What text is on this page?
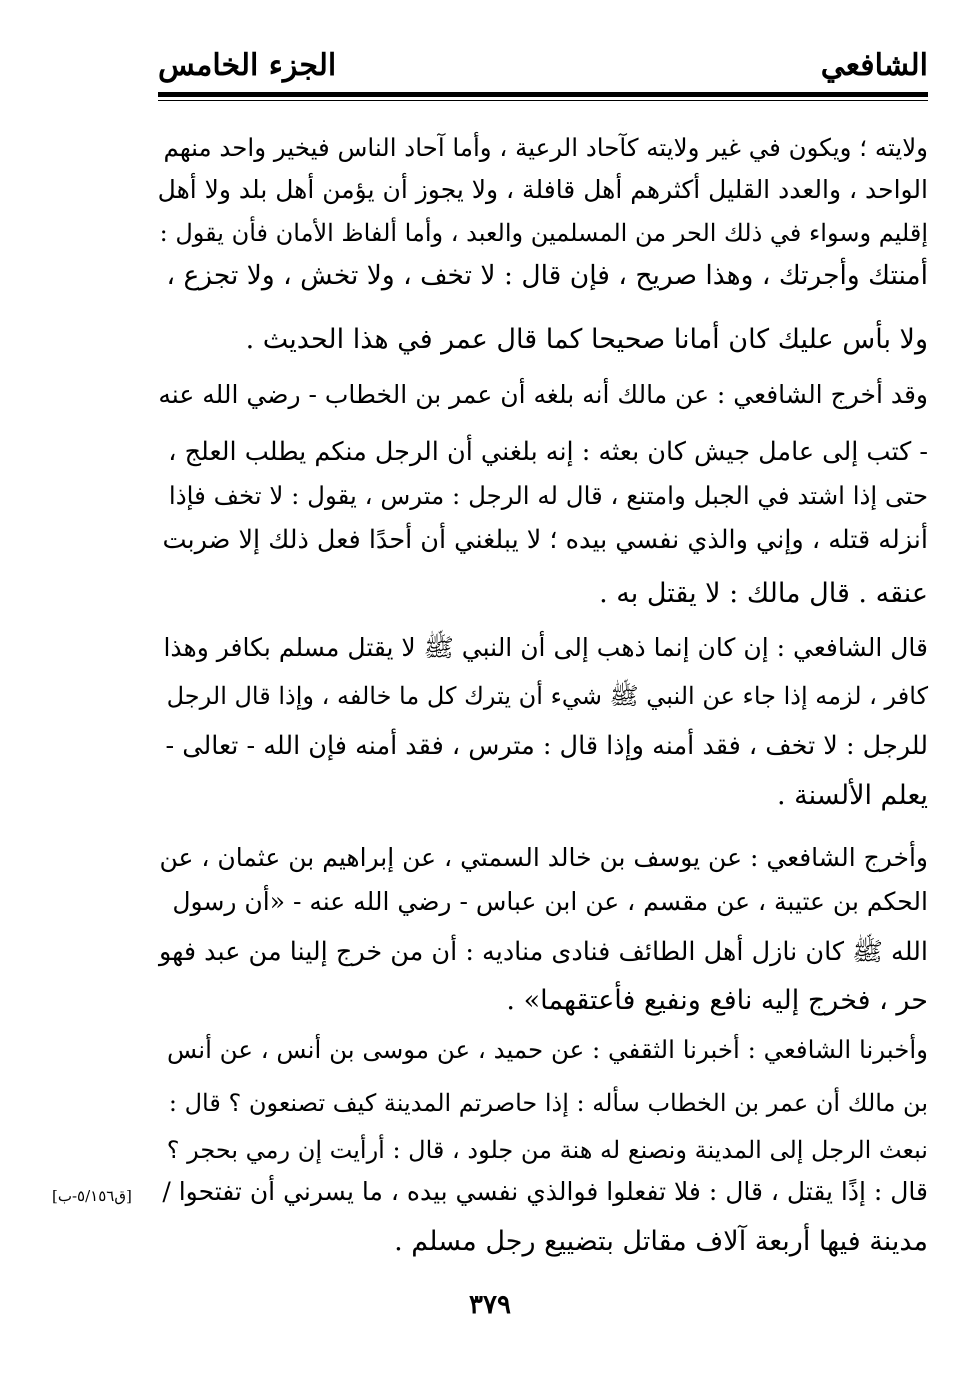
الشافعي
الجزء الخامس
ولايته ؛ ويكون في غير ولايته كآحاد الرعية ، وأما آحاد الناس فيخير واحد منهم
الواحد ، والعدد القليل أكثرهم أهل قافلة ، ولا يجوز أن يؤمن أهل بلد ولا أهل
إقليم وسواء في ذلك الحر من المسلمين والعبد ، وأما ألفاظ الأمان فأن يقول :
أمنتك وأجرتك ، وهذا صريح ، فإن قال : لا تخف ، ولا تخش ، ولا تجزع ،
ولا بأس عليك كان أمانا صحيحا كما قال عمر في هذا الحديث .
وقد أخرج الشافعي : عن مالك أنه بلغه أن عمر بن الخطاب - رضي الله عنه
- كتب إلى عامل جيش كان بعثه : إنه بلغني أن الرجل منكم يطلب العلج ،
حتى إذا اشتد في الجبل وامتنع ، قال له الرجل : مترس ، يقول : لا تخف فإذا
أنزله قتله ، وإني والذي نفسي بيده ؛ لا يبلغني أن أحدًا فعل ذلك إلا ضربت
عنقه . قال مالك : لا يقتل به .
قال الشافعي : إن كان إنما ذهب إلى أن النبي ﷺ لا يقتل مسلم بكافر وهذا
كافر ، لزمه إذا جاء عن النبي ﷺ شيء أن يترك كل ما خالفه ، وإذا قال الرجل
للرجل : لا تخف ، فقد أمنه وإذا قال : مترس ، فقد أمنه فإن الله - تعالى -
يعلم الألسنة .
وأخرج الشافعي : عن يوسف بن خالد السمتي ، عن إبراهيم بن عثمان ، عن
الحكم بن عتيبة ، عن مقسم ، عن ابن عباس - رضي الله عنه - «أن رسول
الله ﷺ كان نازل أهل الطائف فنادى مناديه : أن من خرج إلينا من عبد فهو
حر ، فخرج إليه نافع ونفيع فأعتقهما» .
وأخبرنا الشافعي : أخبرنا الثقفي : عن حميد ، عن موسى بن أنس ، عن أنس
بن مالك أن عمر بن الخطاب سأله : إذا حاصرتم المدينة كيف تصنعون ؟ قال :
نبعث الرجل إلى المدينة ونصنع له هنة من جلود ، قال : أرأيت إن رمي بحجر ؟
قال : إذًا يقتل ، قال : فلا تفعلوا فوالذي نفسي بيده ، ما يسرني أن تفتحوا /
مدينة فيها أربعة آلاف مقاتل بتضييع رجل مسلم .
[ق٥/١٥٦-ب]
٣٧٩
